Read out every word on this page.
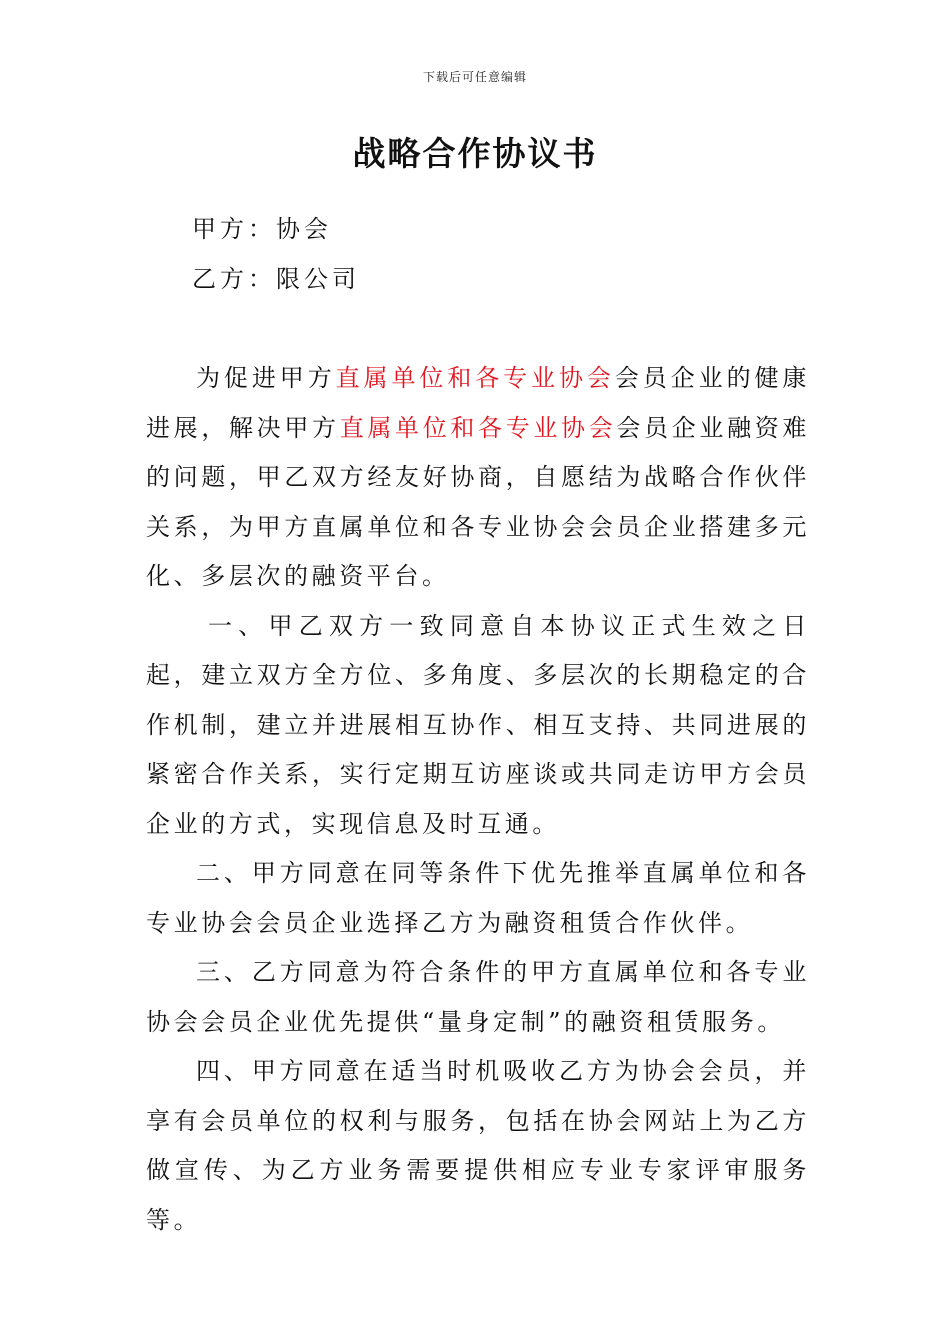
下载后可任意编辑
战略合作协议书
甲方：协会
乙方：限公司

为促进甲方直属单位和各专业协会会员企业的健康进展，解决甲方直属单位和各专业协会会员企业融资难的问题，甲乙双方经友好协商，自愿结为战略合作伙伴关系，为甲方直属单位和各专业协会会员企业搭建多元化、多层次的融资平台。

一、甲乙双方一致同意自本协议正式生效之日起，建立双方全方位、多角度、多层次的长期稳定的合作机制，建立并进展相互协作、相互支持、共同进展的紧密合作关系，实行定期互访座谈或共同走访甲方会员企业的方式，实现信息及时互通。

二、甲方同意在同等条件下优先推举直属单位和各专业协会会员企业选择乙方为融资租赁合作伙伴。

三、乙方同意为符合条件的甲方直属单位和各专业协会会员企业优先提供“量身定制”的融资租赁服务。

四、甲方同意在适当时机吸收乙方为协会会员，并享有会员单位的权利与服务，包括在协会网站上为乙方做宣传、为乙方业务需要提供相应专业专家评审服务等。
